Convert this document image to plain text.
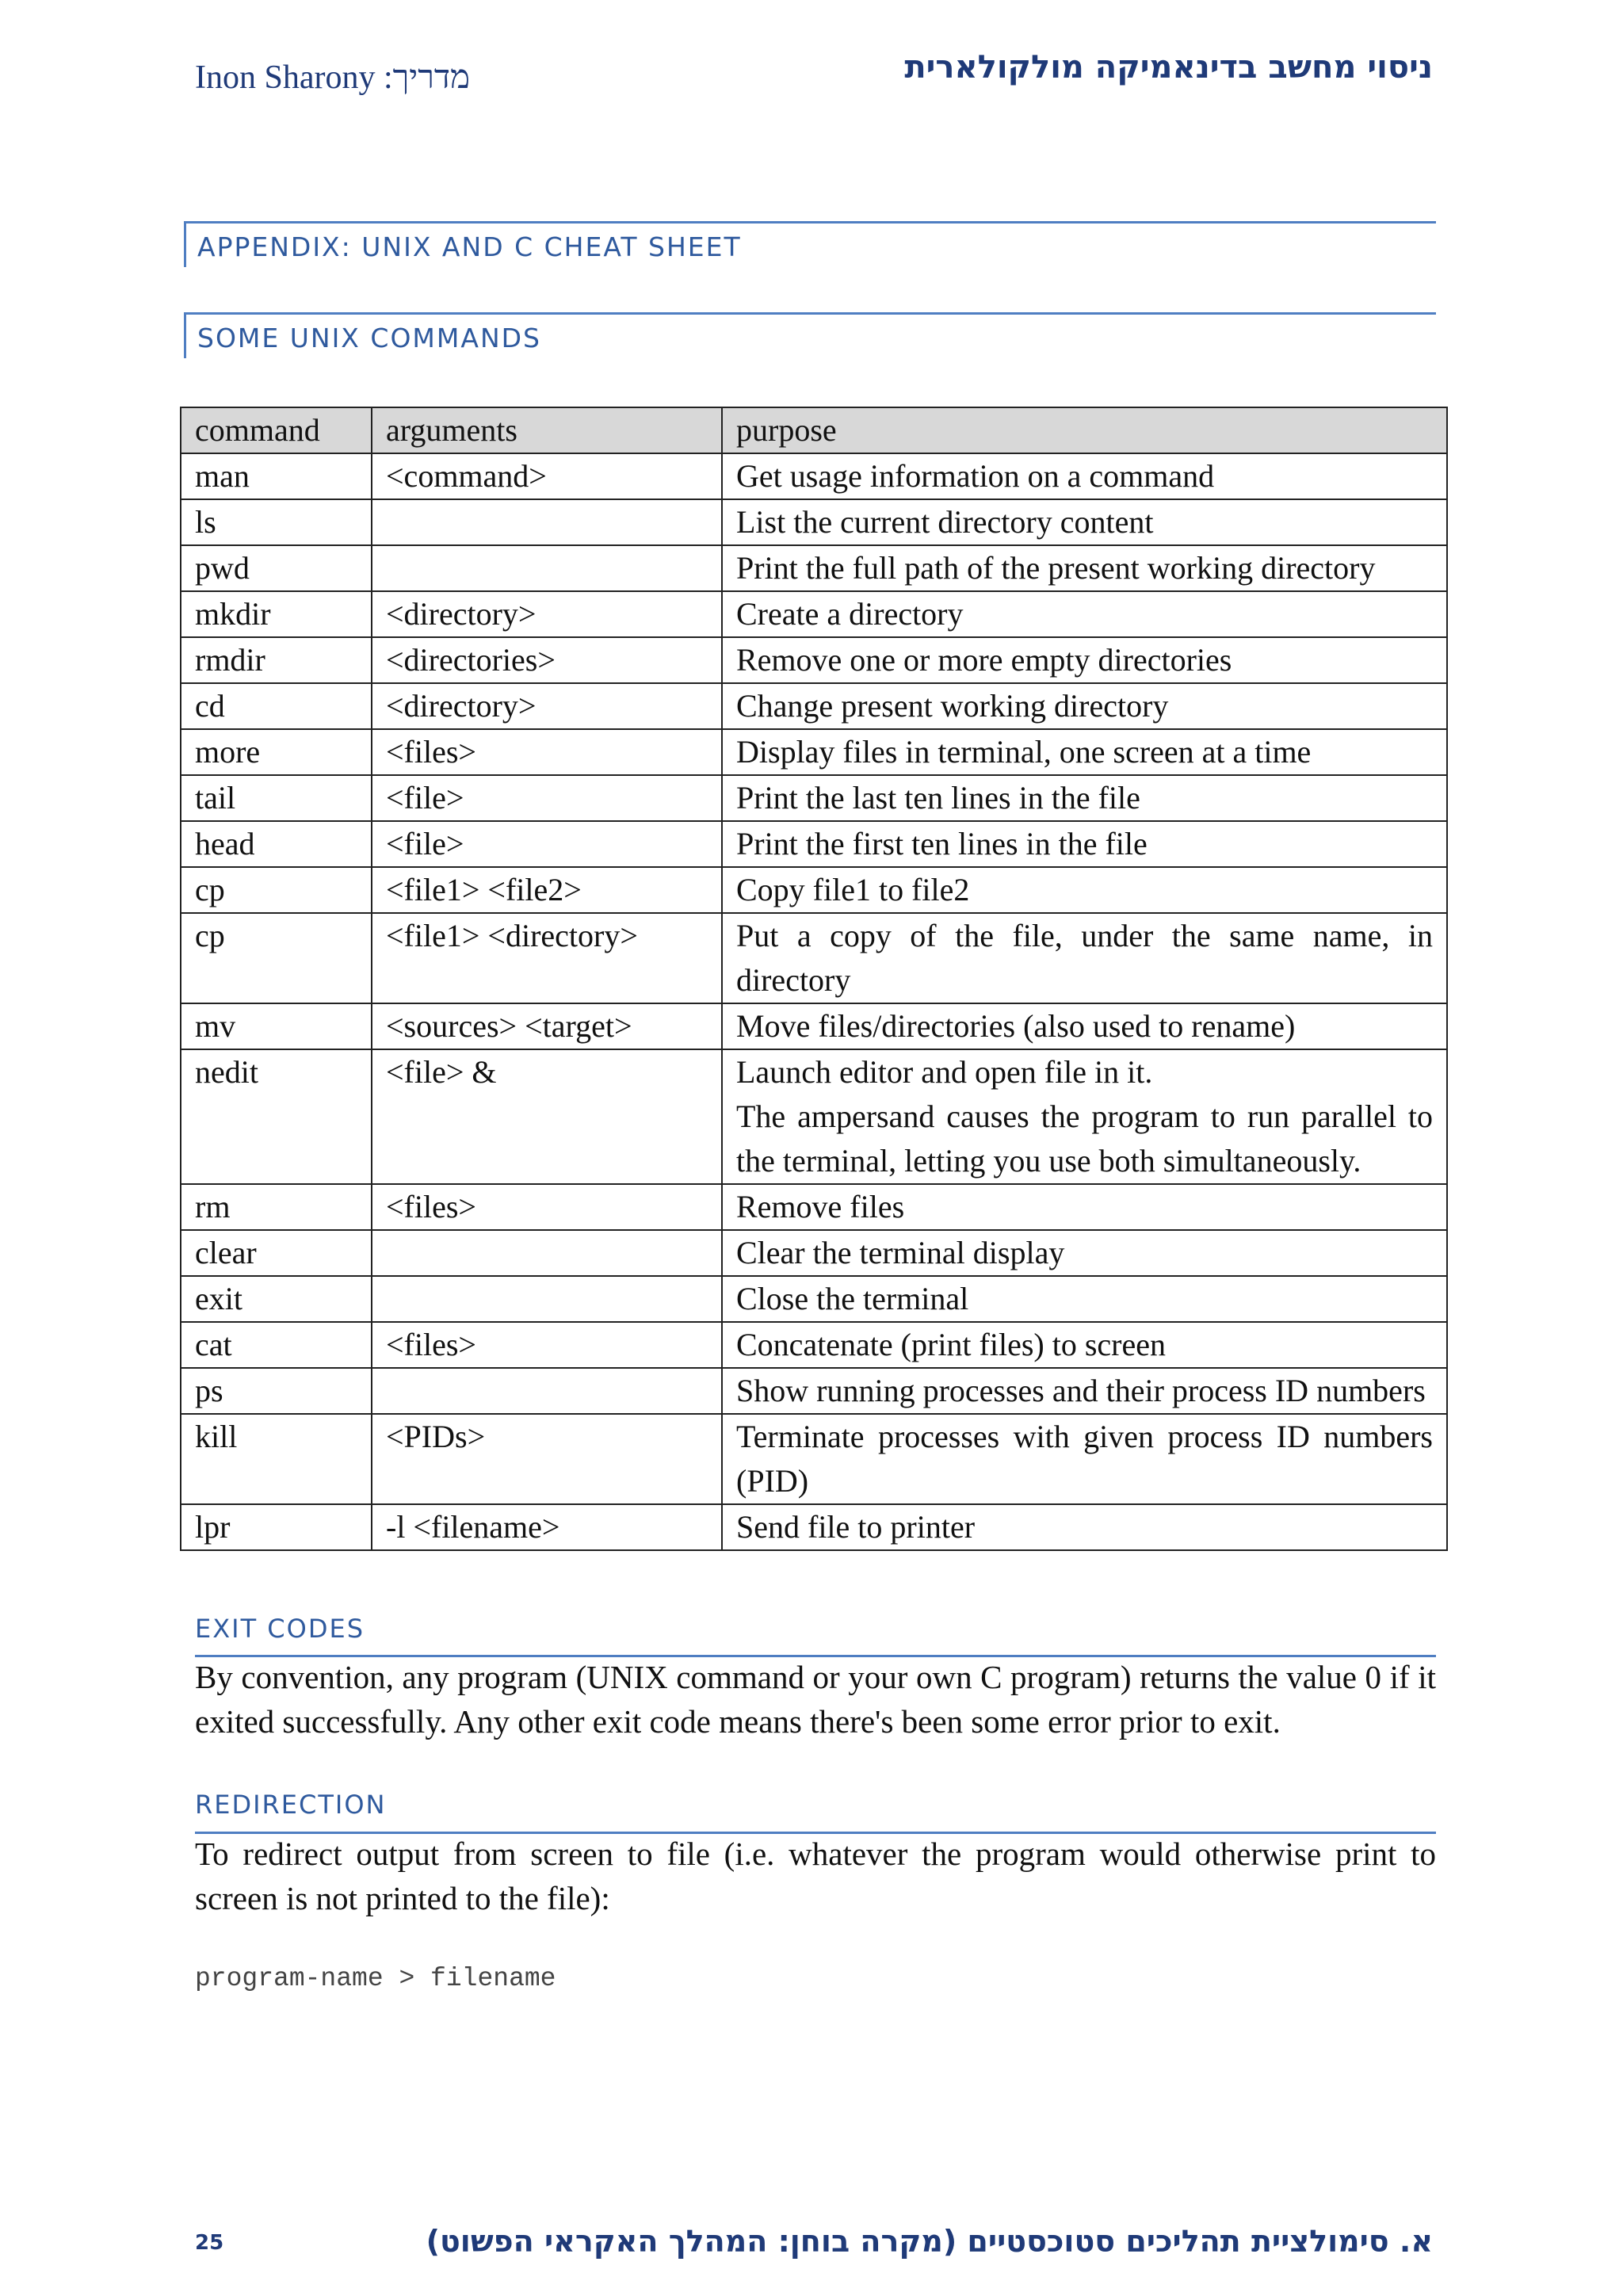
ניסוי מחשב בדינאמיקה מולקולארית
מדריך: Inon Sharony
APPENDIX: UNIX AND C CHEAT SHEET
SOME UNIX COMMANDS
command	arguments	purpose
man	<command>	Get usage information on a command

ls		List the current directory content

pwd		Print the full path of the present working directory

mkdir	<directory>	Create a directory

rmdir	<directories>	Remove one or more empty directories

cd	<directory>	Change present working directory

more	<files>	Display files in terminal, one screen at a time

tail	<file>	Print the last ten lines in the file

head	<file>	Print the first ten lines in the file

cp	<file1> <file2>	Copy file1 to file2

cp	<file1> <directory>	Put a copy of the file, under the same name, in directory

mv	<sources> <target>	Move files/directories (also used to rename)

nedit	<file> &	Launch editor and open file in it.
The ampersand causes the program to run parallel to the terminal, letting you use both simultaneously.

rm	<files>	Remove files

clear		Clear the terminal display

exit		Close the terminal

cat	<files>	Concatenate (print files) to screen

ps		Show running processes and their process ID numbers

kill	<PIDs>	Terminate processes with given process ID numbers (PID)

lpr	-l <filename>	Send file to printer
EXIT CODES
By convention, any program (UNIX command or your own C program) returns the value 0 if it exited successfully. Any other exit code means there's been some error prior to exit.
REDIRECTION
To redirect output from screen to file (i.e. whatever the program would otherwise print to screen is not printed to the file):
program-name > filename
25	א. סימולציית תהליכים סטוכסטיים (מקרה בוחן: המהלך האקראי הפשוט)
